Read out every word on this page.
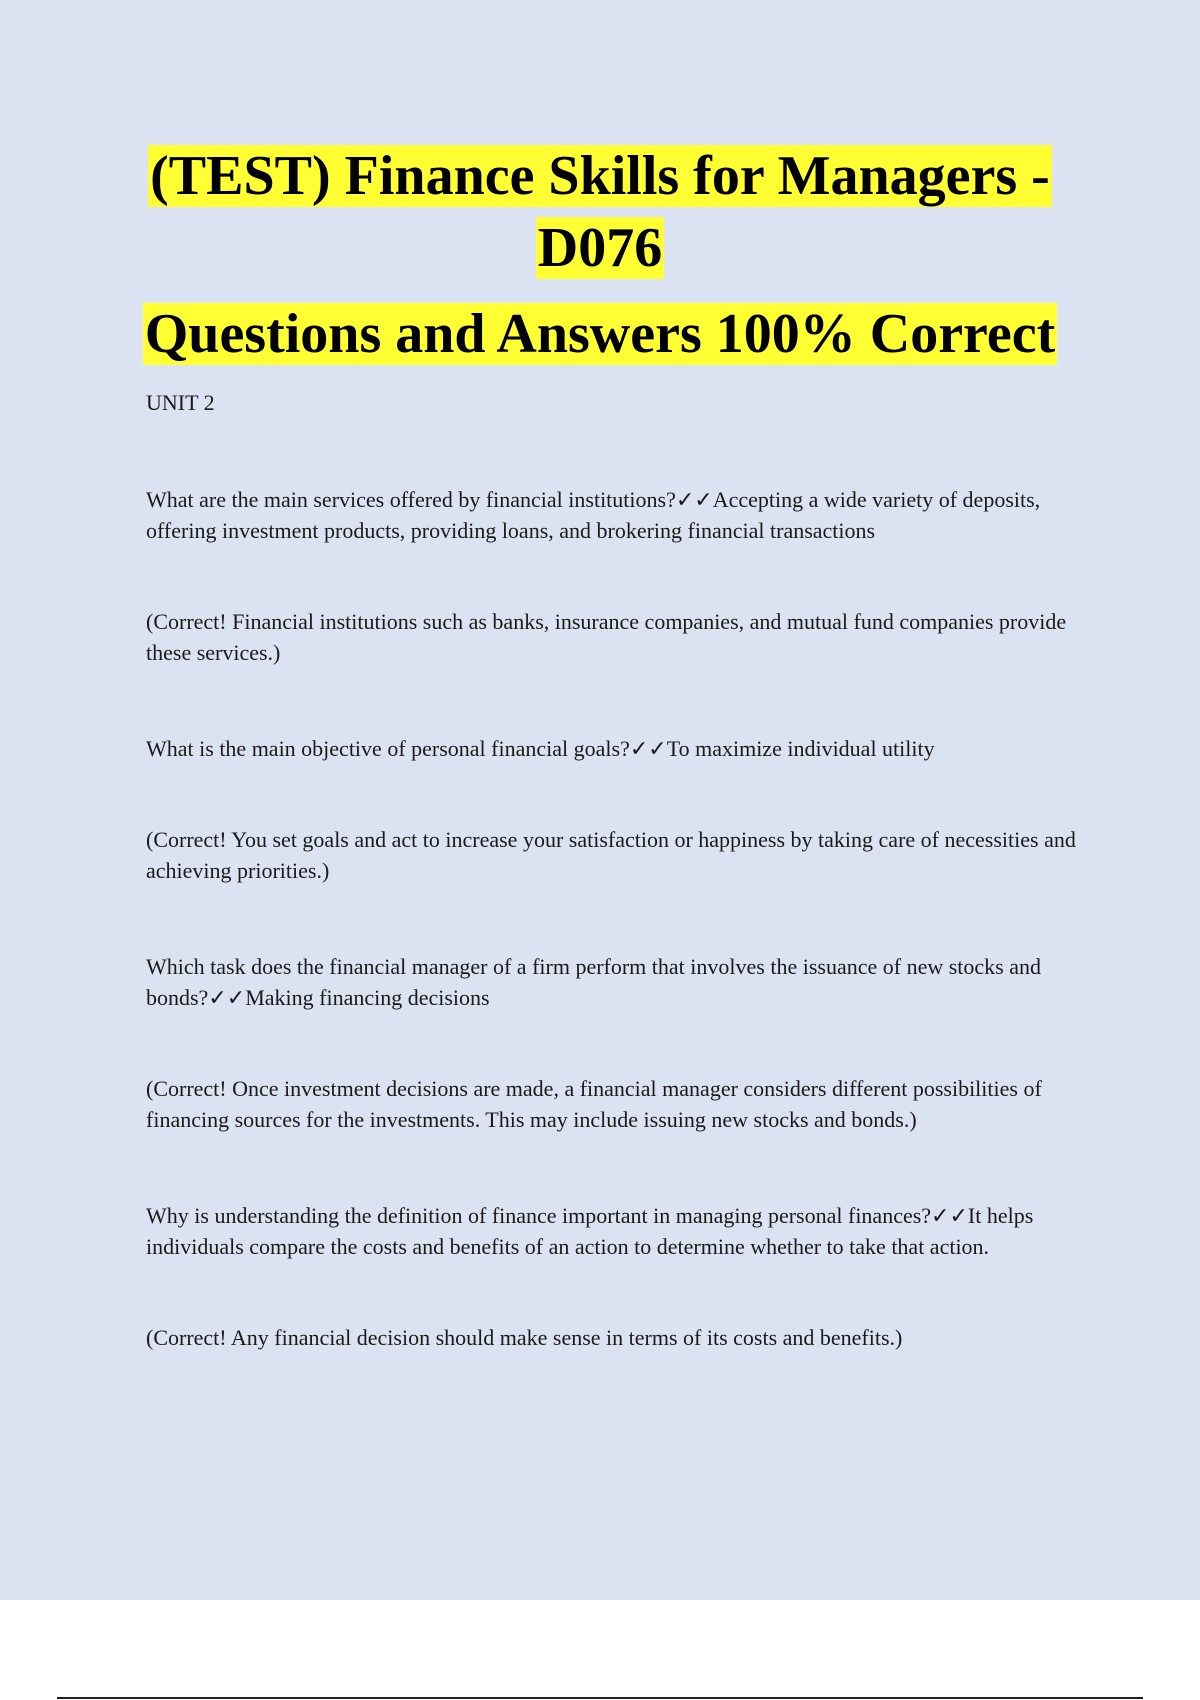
(TEST) Finance Skills for Managers - D076
Questions and Answers 100% Correct
UNIT 2

What are the main services offered by financial institutions?✓✓Accepting a wide variety of deposits, offering investment products, providing loans, and brokering financial transactions

(Correct! Financial institutions such as banks, insurance companies, and mutual fund companies provide these services.)

What is the main objective of personal financial goals?✓✓To maximize individual utility

(Correct! You set goals and act to increase your satisfaction or happiness by taking care of necessities and achieving priorities.)

Which task does the financial manager of a firm perform that involves the issuance of new stocks and bonds?✓✓Making financing decisions

(Correct! Once investment decisions are made, a financial manager considers different possibilities of financing sources for the investments. This may include issuing new stocks and bonds.)

Why is understanding the definition of finance important in managing personal finances?✓✓It helps individuals compare the costs and benefits of an action to determine whether to take that action.

(Correct! Any financial decision should make sense in terms of its costs and benefits.)
